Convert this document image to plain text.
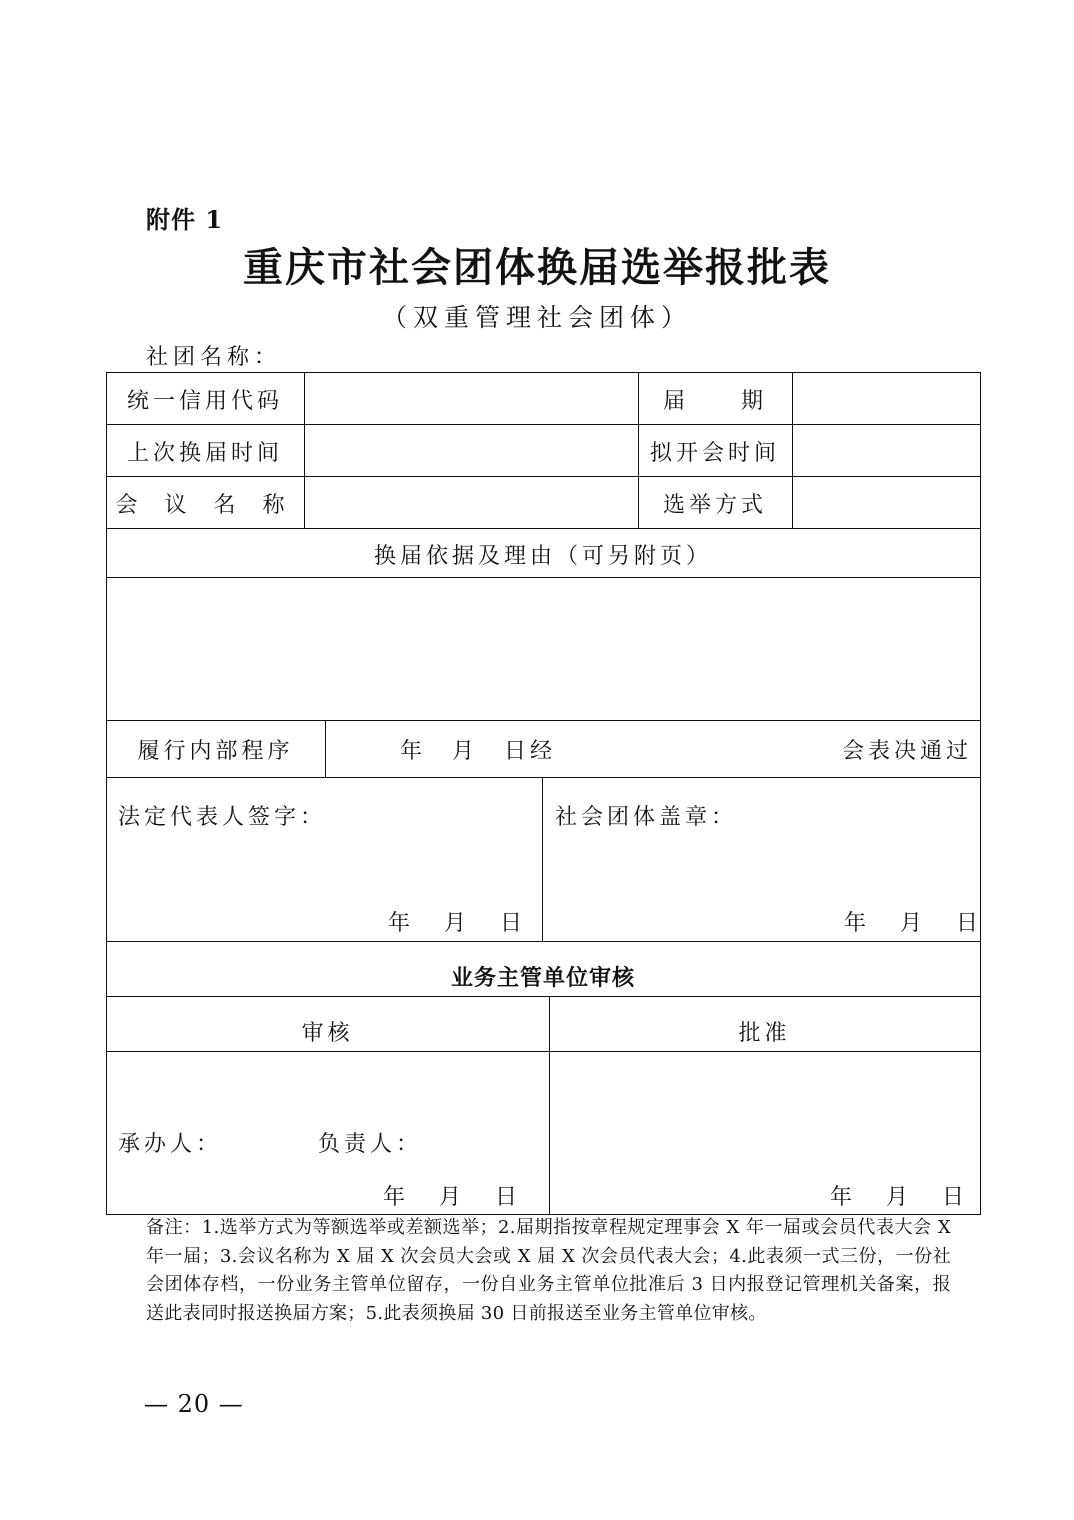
附件 1
重庆市社会团体换届选举报批表
（双重管理社会团体）
社团名称：
统一信用代码	届　　期
上次换届时间	拟开会时间
会 议 名 称	选举方式
换届依据及理由（可另附页）
履行内部程序	年　月　日经	会表决通过
法定代表人签字：
年　月　日
社会团体盖章：
年　月　日
业务主管单位审核
审核	批准
承办人：	负责人：
年　月　日	年　月　日
备注：1.选举方式为等额选举或差额选举；2.届期指按章程规定理事会 X 年一届或会员代表大会 X 年一届；3.会议名称为 X 届 X 次会员大会或 X 届 X 次会员代表大会；4.此表须一式三份，一份社会团体存档，一份业务主管单位留存，一份自业务主管单位批准后 3 日内报登记管理机关备案，报送此表同时报送换届方案；5.此表须换届 30 日前报送至业务主管单位审核。
— 20 —
